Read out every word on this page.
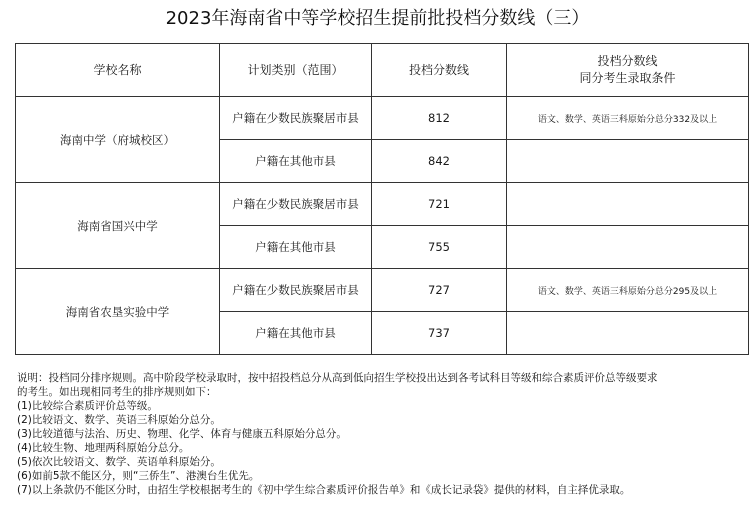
2023年海南省中等学校招生提前批投档分数线（三）
学校名称	计划类别（范围）	投档分数线	投档分数线
同分考生录取条件

海南中学（府城校区）	户籍在少数民族聚居市县	812	语文、数学、英语三科原始分总分332及以上
	户籍在其他市县	842	
海南省国兴中学	户籍在少数民族聚居市县	721	
	户籍在其他市县	755	
海南省农垦实验中学	户籍在少数民族聚居市县	727	语文、数学、英语三科原始分总分295及以上
	户籍在其他市县	737	
说明：投档同分排序规则。高中阶段学校录取时，按中招投档总分从高到低向招生学校投出达到各考试科目等级和综合素质评价总等级要求
的考生。如出现相同考生的排序规则如下：
(1)比较综合素质评价总等级。
(2)比较语文、数学、英语三科原始分总分。
(3)比较道德与法治、历史、物理、化学、体育与健康五科原始分总分。
(4)比较生物、地理两科原始分总分。
(5)依次比较语文、数学、英语单科原始分。
(6)如前5款不能区分，则“三侨生”、港澳台生优先。
(7)以上条款仍不能区分时，由招生学校根据考生的《初中学生综合素质评价报告单》和《成长记录袋》提供的材料，自主择优录取。
